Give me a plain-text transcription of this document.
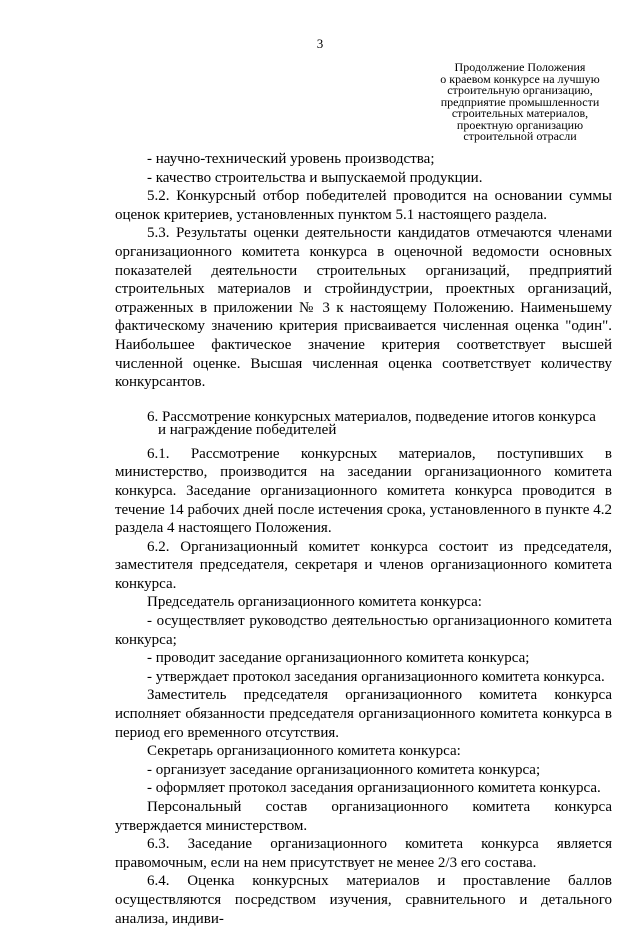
3
Продолжение Положения
о краевом конкурсе на лучшую
строительную организацию,
предприятие промышленности
строительных материалов,
проектную организацию
строительной отрасли

- научно-технический уровень производства;

- качество строительства и выпускаемой продукции.

5.2. Конкурсный отбор победителей проводится на основании суммы оценок критериев, установленных пунктом 5.1 настоящего раздела.

5.3. Результаты оценки деятельности кандидатов отмечаются членами организационного комитета конкурса в оценочной ведомости основных показателей деятельности строительных организаций, предприятий строительных материалов и стройиндустрии, проектных организаций, отраженных в приложении № 3 к настоящему Положению. Наименьшему фактическому значению критерия присваивается численная оценка "один". Наибольшее фактическое значение критерия соответствует высшей численной оценке. Высшая численная оценка соответствует количеству конкурсантов.

6. Рассмотрение конкурсных материалов, подведение итогов конкурса
и награждение победителей

6.1. Рассмотрение конкурсных материалов, поступивших в министерство, производится на заседании организационного комитета конкурса. Заседание организационного комитета конкурса проводится в течение 14 рабочих дней после истечения срока, установленного в пункте 4.2 раздела 4 настоящего Положения.

6.2. Организационный комитет конкурса состоит из председателя, заместителя председателя, секретаря и членов организационного комитета конкурса.

Председатель организационного комитета конкурса:

- осуществляет руководство деятельностью организационного комитета конкурса;

- проводит заседание организационного комитета конкурса;

- утверждает протокол заседания организационного комитета конкурса.

Заместитель председателя организационного комитета конкурса исполняет обязанности председателя организационного комитета конкурса в период его временного отсутствия.

Секретарь организационного комитета конкурса:

- организует заседание организационного комитета конкурса;

- оформляет протокол заседания организационного комитета конкурса.

Персональный состав организационного комитета конкурса утверждается министерством.

6.3. Заседание организационного комитета конкурса является правомочным, если на нем присутствует не менее 2/3 его состава.

6.4. Оценка конкурсных материалов и проставление баллов осуществляются посредством изучения, сравнительного и детального анализа, индиви-
